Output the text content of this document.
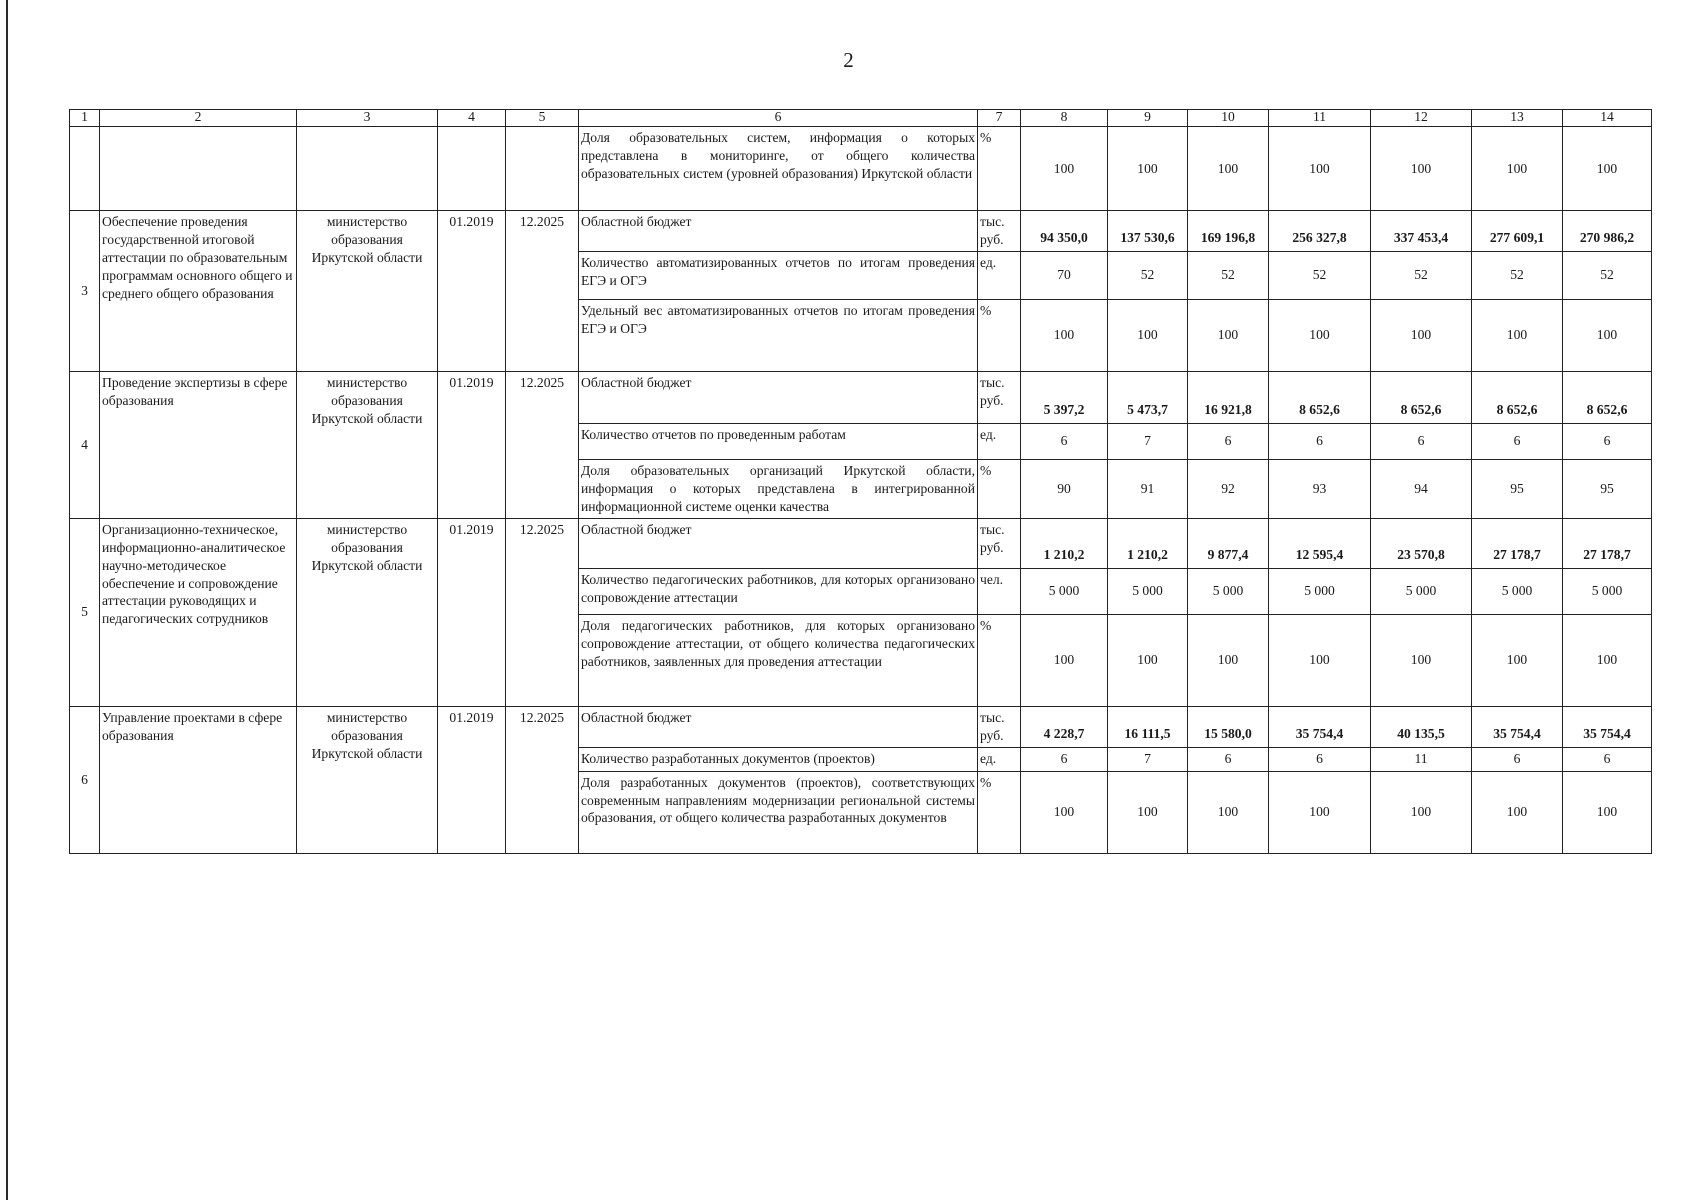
2
1	2	3	4	5	6	7	8	9	10	11	12	13	14
					Доля образовательных систем, информация о которых представлена в мониторинге, от общего количества образовательных систем (уровней образования) Иркутской области	%	100	100	100	100	100	100	100
3	Обеспечение проведения государственной итоговой аттестации по образовательным программам основного общего и среднего общего образования	министерство образования Иркутской области	01.2019	12.2025	Областной бюджет	тыс. руб.	94 350,0	137 530,6	169 196,8	256 327,8	337 453,4	277 609,1	270 986,2
					Количество автоматизированных отчетов по итогам проведения ЕГЭ и ОГЭ	ед.	70	52	52	52	52	52	52
					Удельный вес автоматизированных отчетов по итогам проведения ЕГЭ и ОГЭ	%	100	100	100	100	100	100	100
4	Проведение экспертизы в сфере образования	министерство образования Иркутской области	01.2019	12.2025	Областной бюджет	тыс. руб.	5 397,2	5 473,7	16 921,8	8 652,6	8 652,6	8 652,6	8 652,6
					Количество отчетов по проведенным работам	ед.	6	7	6	6	6	6	6
					Доля образовательных организаций Иркутской области, информация о которых представлена в интегрированной информационной системе оценки качества	%	90	91	92	93	94	95	95
5	Организационно-техническое, информационно-аналитическое научно-методическое обеспечение и сопровождение аттестации руководящих и педагогических сотрудников	министерство образования Иркутской области	01.2019	12.2025	Областной бюджет	тыс. руб.	1 210,2	1 210,2	9 877,4	12 595,4	23 570,8	27 178,7	27 178,7
					Количество педагогических работников, для которых организовано сопровождение аттестации	чел.	5 000	5 000	5 000	5 000	5 000	5 000	5 000
					Доля педагогических работников, для которых организовано сопровождение аттестации, от общего количества педагогических работников, заявленных для проведения аттестации	%	100	100	100	100	100	100	100
6	Управление проектами в сфере образования	министерство образования Иркутской области	01.2019	12.2025	Областной бюджет	тыс. руб.	4 228,7	16 111,5	15 580,0	35 754,4	40 135,5	35 754,4	35 754,4
					Количество разработанных документов (проектов)	ед.	6	7	6	6	11	6	6
					Доля разработанных документов (проектов), соответствующих современным направлениям модернизации региональной системы образования, от общего количества разработанных документов	%	100	100	100	100	100	100	100
